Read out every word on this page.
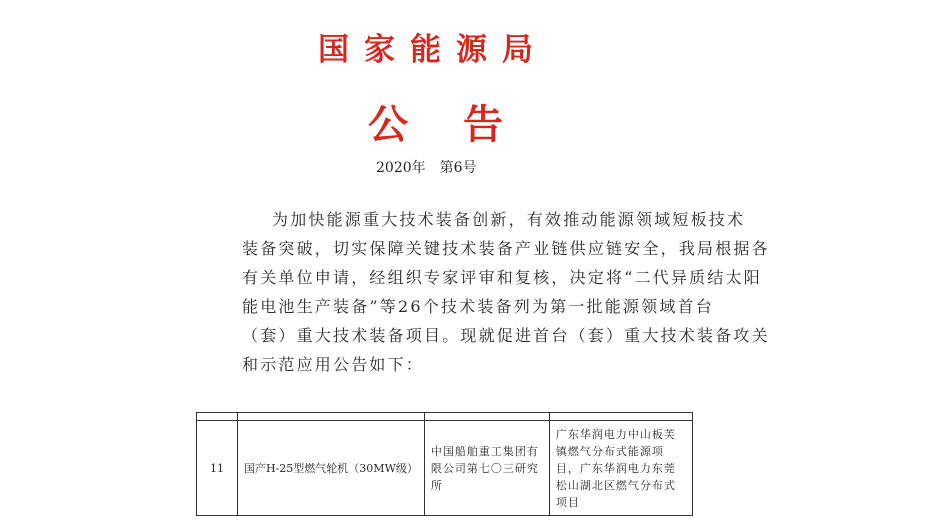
国家能源局
公告
2020年 第6号

为加快能源重大技术装备创新，有效推动能源领域短板技术
装备突破，切实保障关键技术装备产业链供应链安全，我局根据各
有关单位申请，经组织专家评审和复核，决定将“二代异质结太阳
能电池生产装备”等26个技术装备列为第一批能源领域首台
（套）重大技术装备项目。现就促进首台（套）重大技术装备攻关
和示范应用公告如下：

11	国产H-25型燃气轮机（30MW级）	中国船舶重工集团有限公司第七〇三研究所	广东华润电力中山板芙镇燃气分布式能源项目，广东华润电力东莞松山湖北区燃气分布式项目
